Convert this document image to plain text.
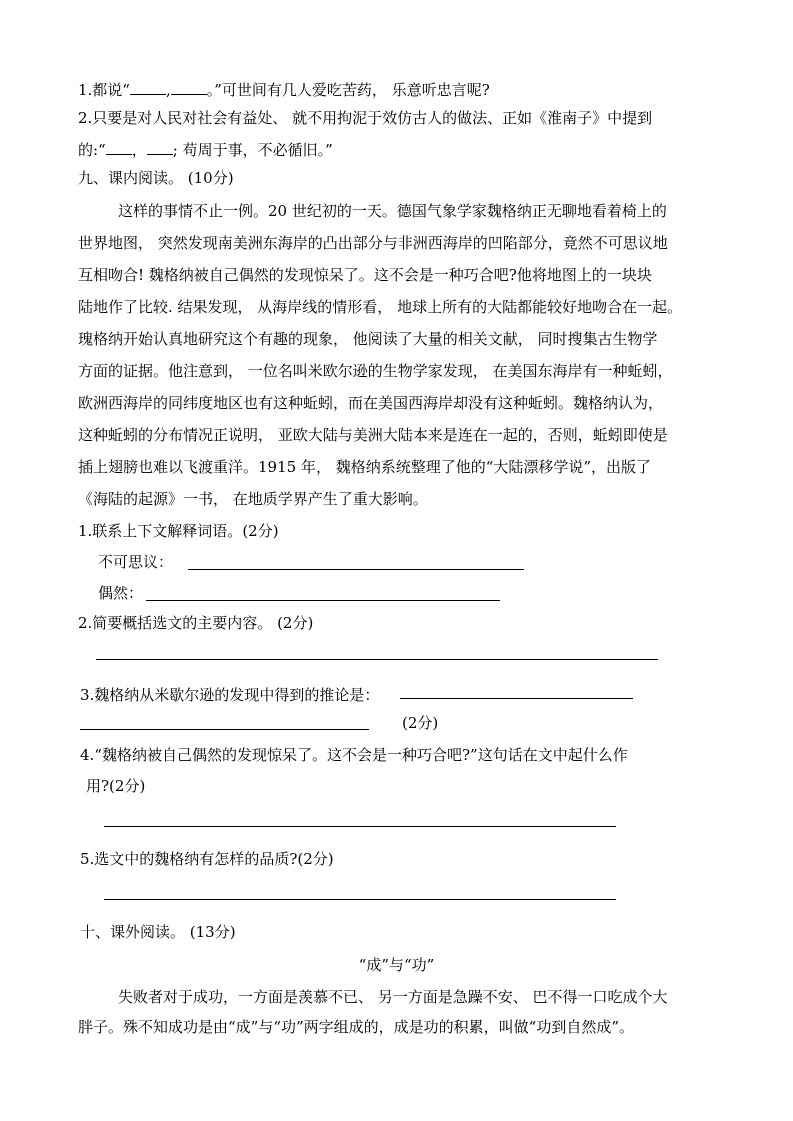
1.都说“ , 。”可世间有几人爱吃苦药， 乐意听忠言呢?
2.只要是对人民对社会有益处、 就不用拘泥于效仿古人的做法、正如《淮南子》中提到
的:“ ， ; 苟周于事，不必循旧。”
九、课内阅读。 (10分)
这样的事情不止一例。20 世纪初的一天。德国气象学家魏格纳正无聊地看着椅上的
世界地图， 突然发现南美洲东海岸的凸出部分与非洲西海岸的凹陷部分，竟然不可思议地
互相吻合! 魏格纳被自己偶然的发现惊呆了。这不会是一种巧合吧?他将地图上的一块块
陆地作了比较. 结果发现， 从海岸线的情形看， 地球上所有的大陆都能较好地吻合在一起。
瑰格纳开始认真地研究这个有趣的现象， 他阅读了大量的相关文献， 同时搜集古生物学
方面的证据。他注意到， 一位名叫米欧尔逊的生物学家发现， 在美国东海岸有一种蚯蚓，
欧洲西海岸的同纬度地区也有这种蚯蚓，而在美国西海岸却没有这种蚯蚓。魏格纳认为，
这种蚯蚓的分布情况正说明， 亚欧大陆与美洲大陆本来是连在一起的，否则，蚯蚓即使是
插上翅膀也难以飞渡重洋。1915 年， 魏格纳系统整理了他的“大陆漂移学说”，出版了
《海陆的起源》一书， 在地质学界产生了重大影响。
1.联系上下文解释词语。(2分)
不可思议：
偶然：
2.简要概括选文的主要内容。 (2分)
3.魏格纳从米歇尔逊的发现中得到的推论是：
(2分)
4.“魏格纳被自己偶然的发现惊呆了。这不会是一种巧合吧?”这句话在文中起什么作
用?(2分)
5.选文中的魏格纳有怎样的品质?(2分)
十、课外阅读。 (13分)
“成”与“功”
失败者对于成功，一方面是羡慕不已、 另一方面是急躁不安、 巴不得一口吃成个大
胖子。殊不知成功是由“成”与“功”两字组成的，成是功的积累，叫做“功到自然成”。
